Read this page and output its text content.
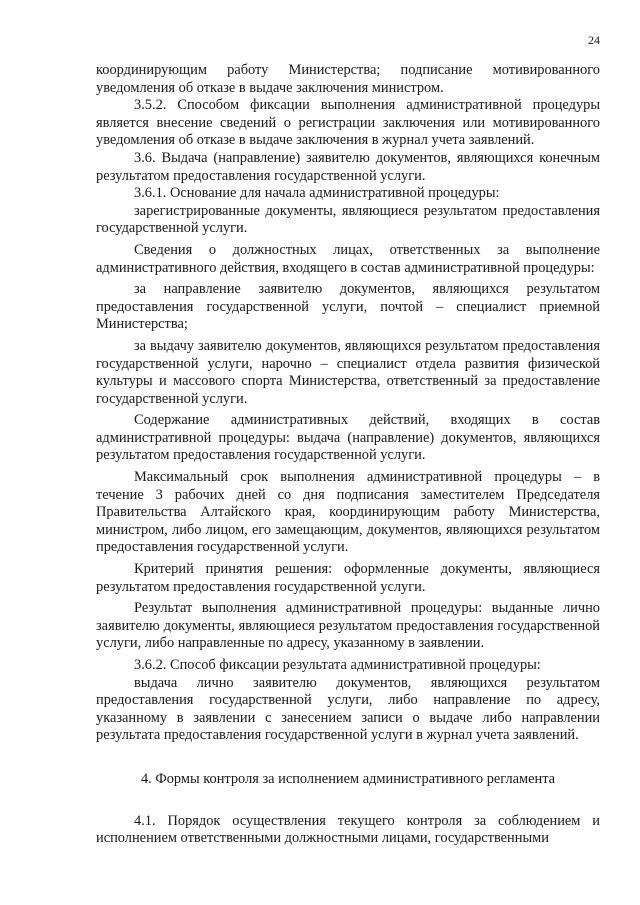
24

координирующим работу Министерства; подписание мотивированного уведомления об отказе в выдаче заключения министром.

3.5.2. Способом фиксации выполнения административной процедуры является внесение сведений о регистрации заключения или мотивированного уведомления об отказе в выдаче заключения в журнал учета заявлений.

3.6. Выдача (направление) заявителю документов, являющихся конечным результатом предоставления государственной услуги.

3.6.1. Основание для начала административной процедуры:

зарегистрированные документы, являющиеся результатом предоставления государственной услуги.

Сведения о должностных лицах, ответственных за выполнение административного действия, входящего в состав административной процедуры:

за направление заявителю документов, являющихся результатом предоставления государственной услуги, почтой – специалист приемной Министерства;

за выдачу заявителю документов, являющихся результатом предоставления государственной услуги, нарочно – специалист отдела развития физической культуры и массового спорта Министерства, ответственный за предоставление государственной услуги.

Содержание административных действий, входящих в состав административной процедуры: выдача (направление) документов, являющихся результатом предоставления государственной услуги.

Максимальный срок выполнения административной процедуры – в течение 3 рабочих дней со дня подписания заместителем Председателя Правительства Алтайского края, координирующим работу Министерства, министром, либо лицом, его замещающим, документов, являющихся результатом предоставления государственной услуги.

Критерий принятия решения: оформленные документы, являющиеся результатом предоставления государственной услуги.

Результат выполнения административной процедуры: выданные лично заявителю документы, являющиеся результатом предоставления государственной услуги, либо направленные по адресу, указанному в заявлении.

3.6.2. Способ фиксации результата административной процедуры:

выдача лично заявителю документов, являющихся результатом предоставления государственной услуги, либо направление по адресу, указанному в заявлении с занесением записи о выдаче либо направлении результата предоставления государственной услуги в журнал учета заявлений.

4. Формы контроля за исполнением административного регламента

4.1. Порядок осуществления текущего контроля за соблюдением и исполнением ответственными должностными лицами, государственными
